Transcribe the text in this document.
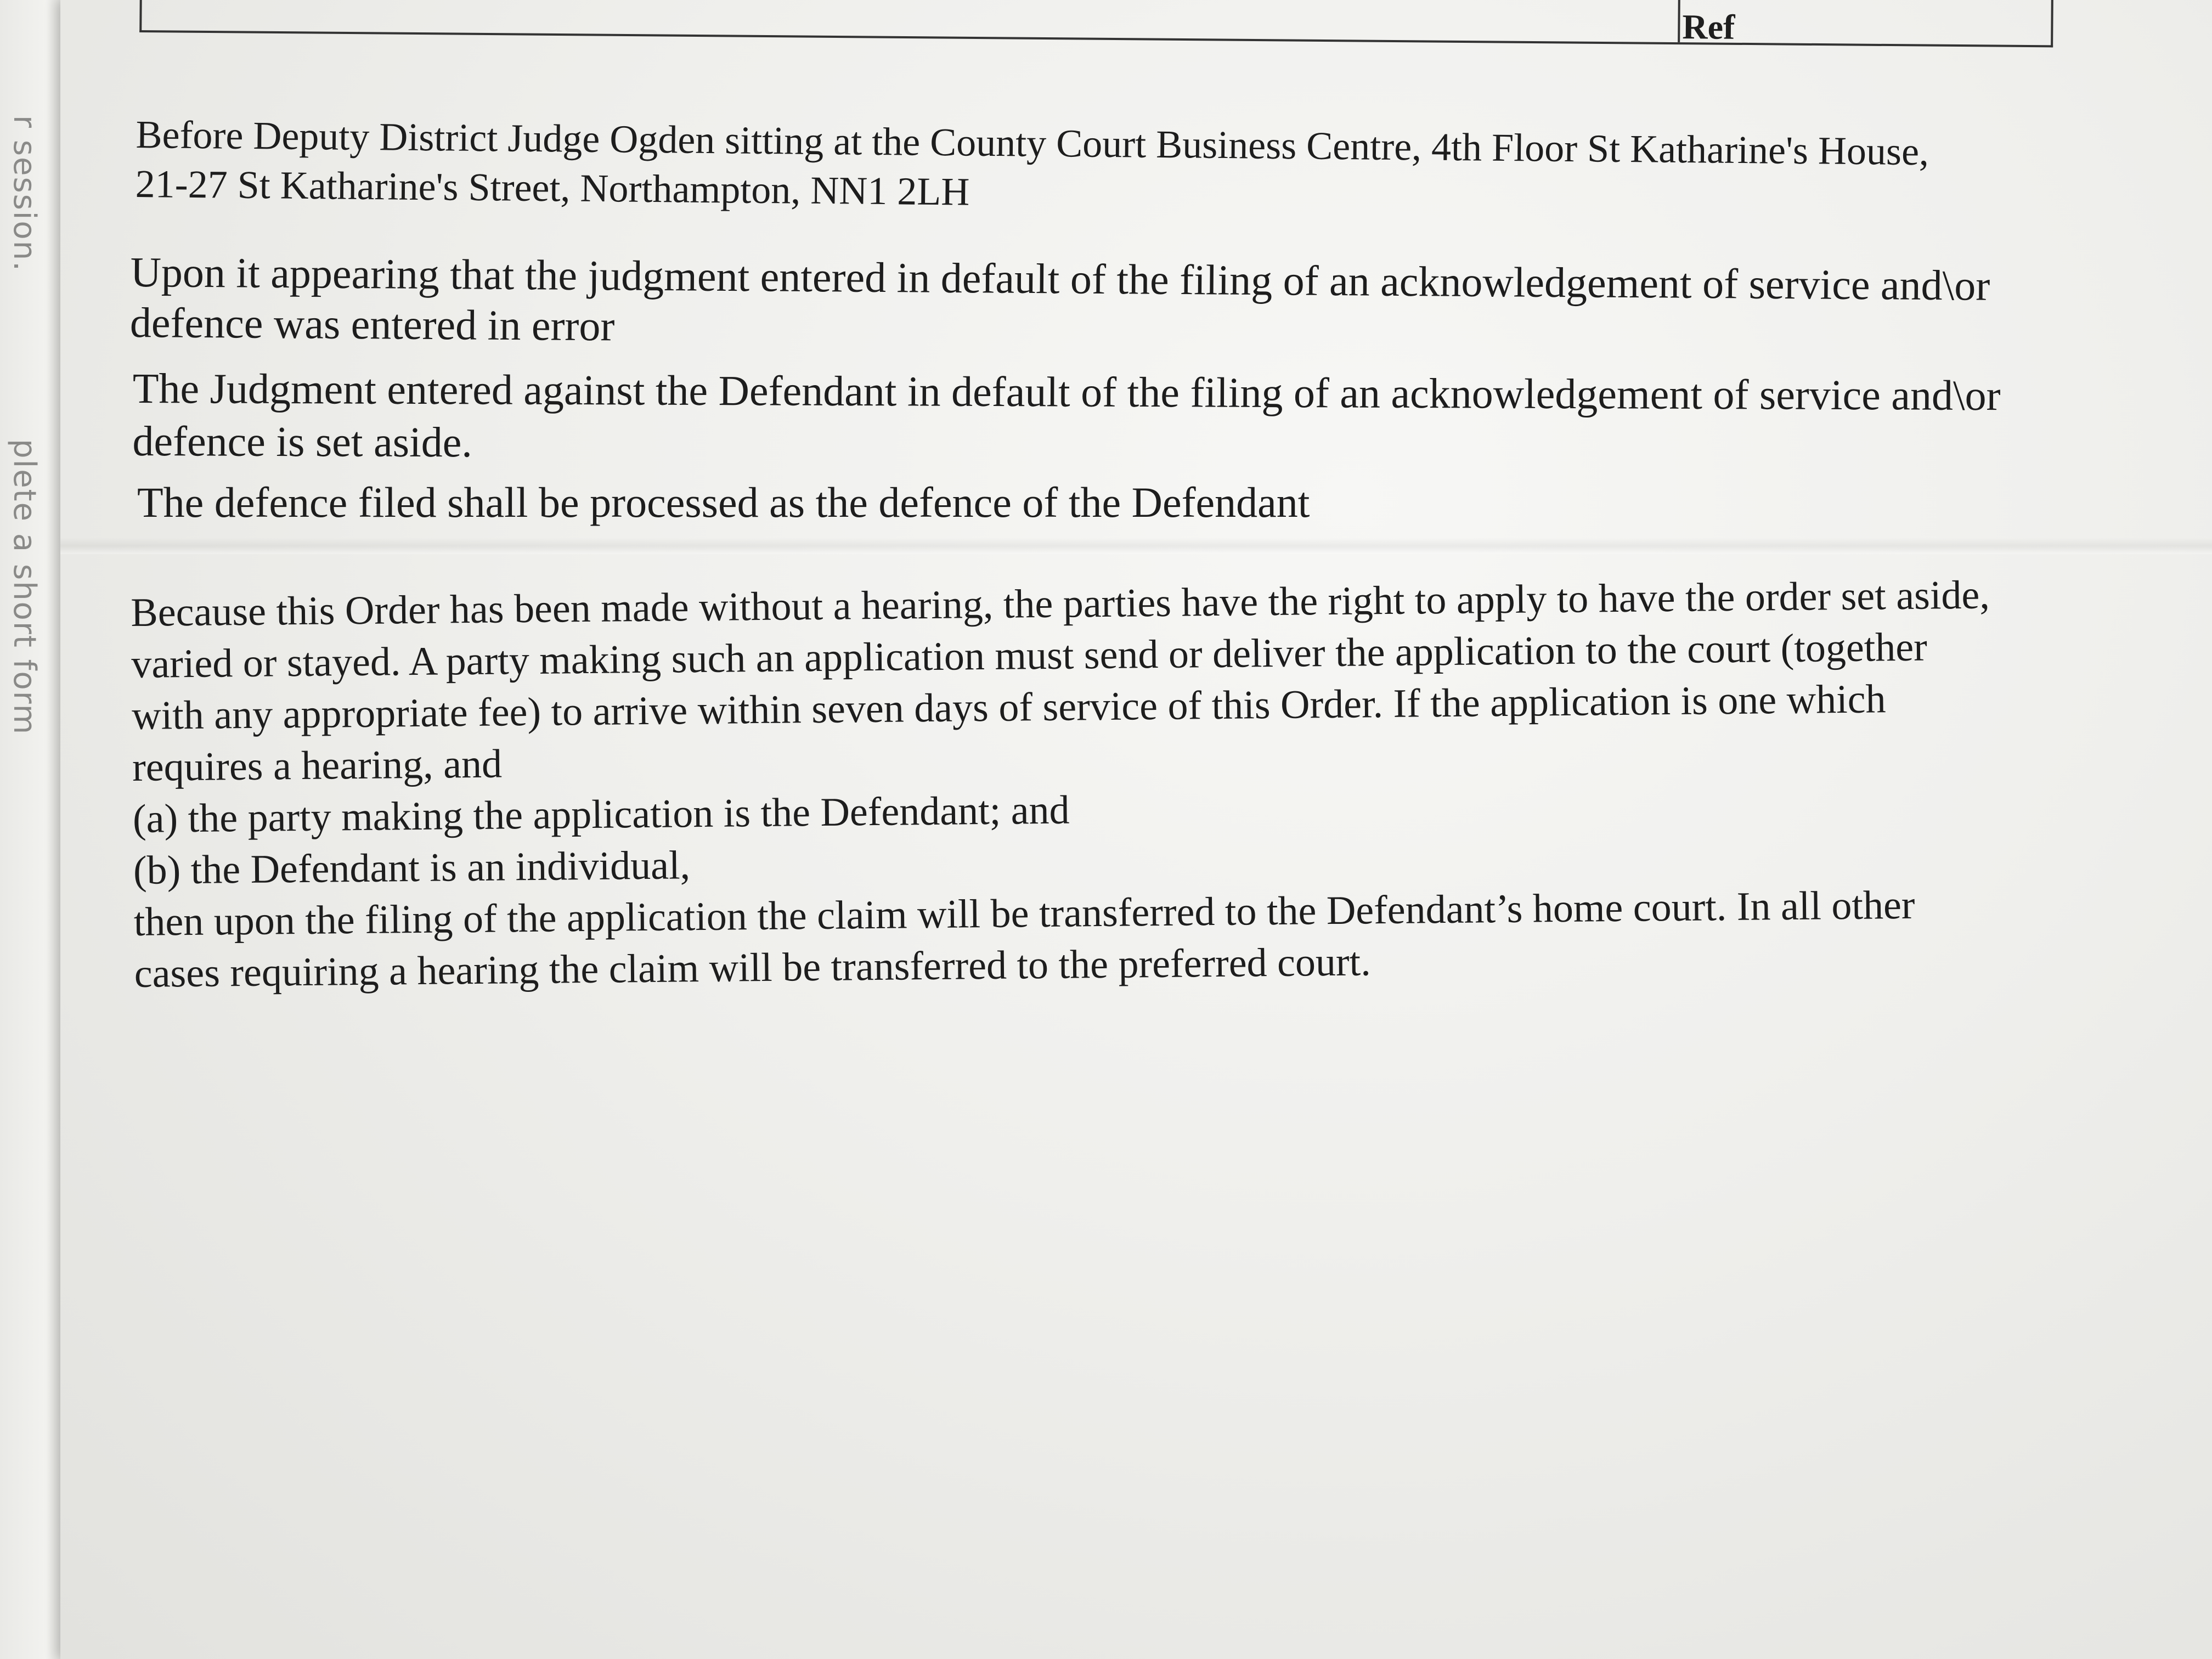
r session.
plete a short form
Ref
Before Deputy District Judge Ogden sitting at the County Court Business Centre, 4th Floor St Katharine's House,
21-27 St Katharine's Street, Northampton, NN1 2LH
Upon it appearing that the judgment entered in default of the filing of an acknowledgement of service and\or
defence was entered in error
The Judgment entered against the Defendant in default of the filing of an acknowledgement of service and\or
defence is set aside.
The defence filed shall be processed as the defence of the Defendant
Because this Order has been made without a hearing, the parties have the right to apply to have the order set aside,
varied or stayed. A party making such an application must send or deliver the application to the court (together
with any appropriate fee) to arrive within seven days of service of this Order. If the application is one which
requires a hearing, and
(a) the party making the application is the Defendant; and
(b) the Defendant is an individual,
then upon the filing of the application the claim will be transferred to the Defendant’s home court. In all other
cases requiring a hearing the claim will be transferred to the preferred court.
